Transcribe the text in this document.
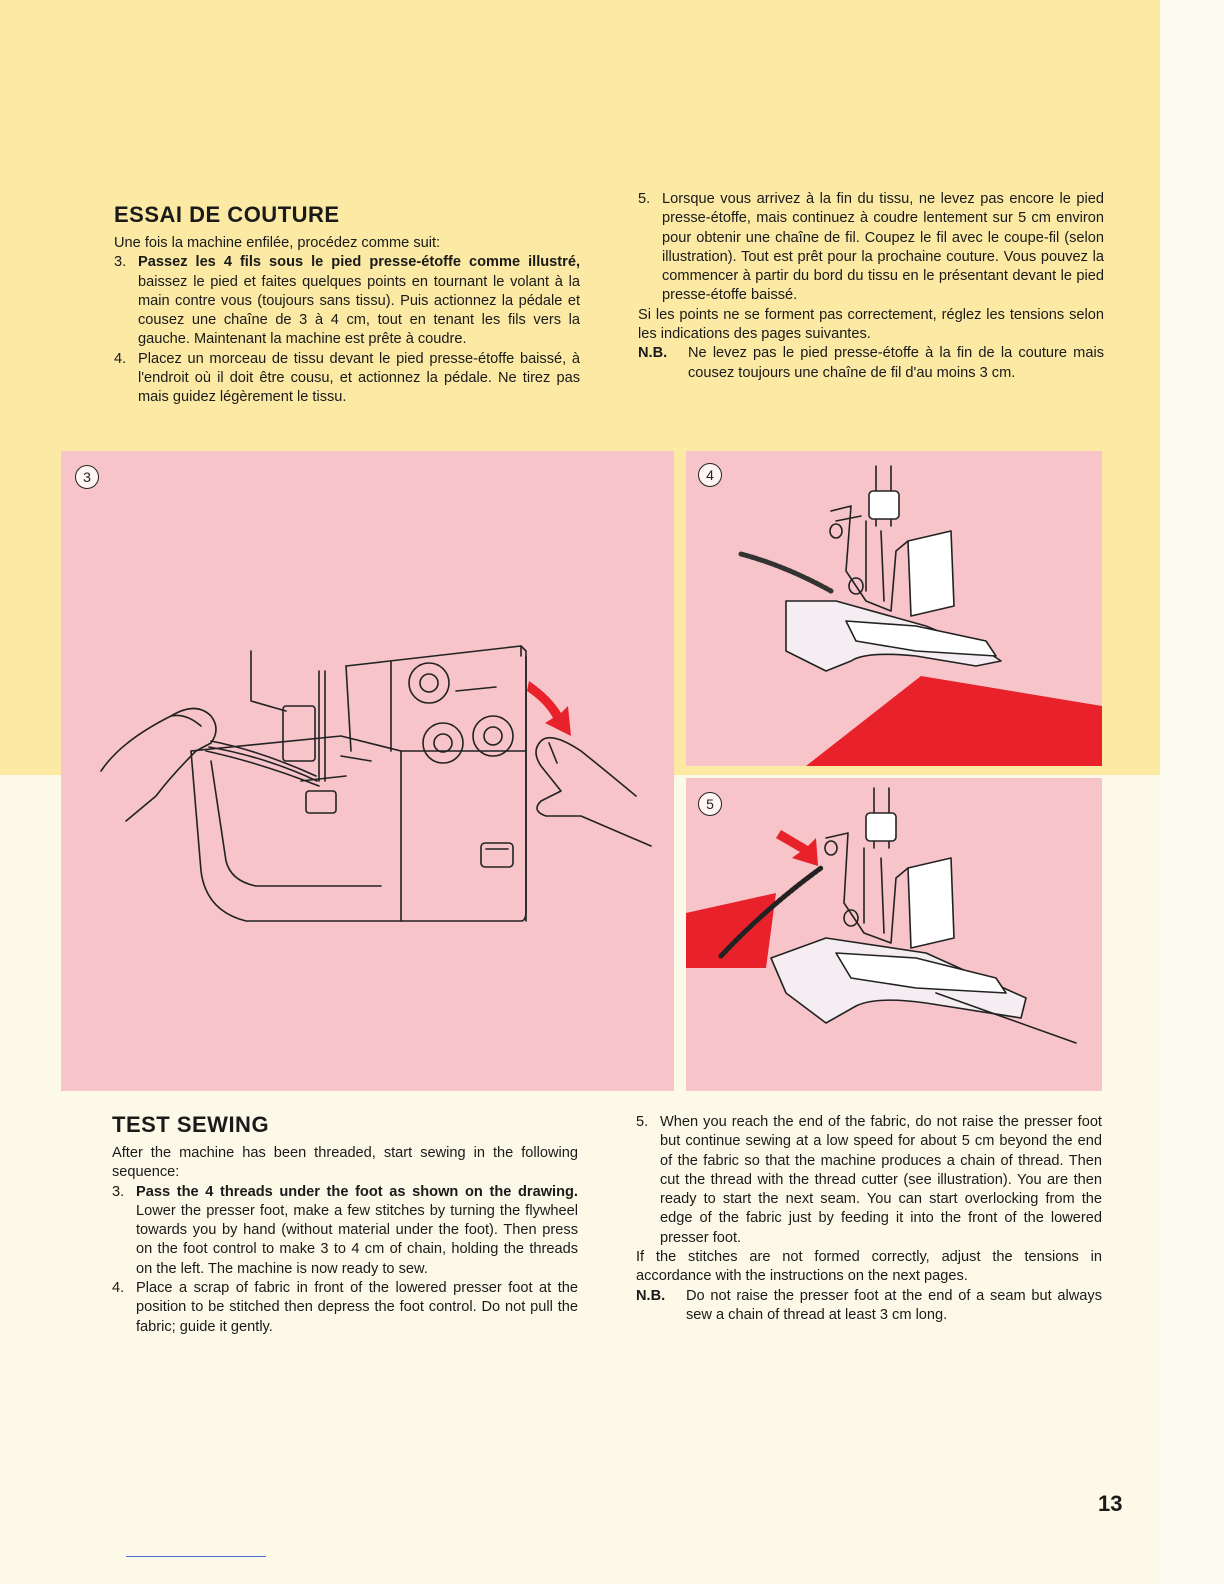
ESSAI DE COUTURE

Une fois la machine enfilée, procédez comme suit:

3. Passez les 4 fils sous le pied presse-étoffe comme illustré, baissez le pied et faites quelques points en tournant le volant à la main contre vous (toujours sans tissu). Puis actionnez la pédale et cousez une chaîne de 3 à 4 cm, tout en tenant les fils vers la gauche. Maintenant la machine est prête à coudre.
4. Placez un morceau de tissu devant le pied presse-étoffe baissé, à l'endroit où il doit être cousu, et actionnez la pédale. Ne tirez pas mais guidez légèrement le tissu.
5. Lorsque vous arrivez à la fin du tissu, ne levez pas encore le pied presse-étoffe, mais continuez à coudre lentement sur 5 cm environ pour obtenir une chaîne de fil. Coupez le fil avec le coupe-fil (selon illustration). Tout est prêt pour la prochaine couture. Vous pouvez la commencer à partir du bord du tissu en le présentant devant le pied presse-étoffe baissé.

Si les points ne se forment pas correctement, réglez les tensions selon les indications des pages suivantes.

N.B.	Ne levez pas le pied presse-étoffe à la fin de la couture mais cousez toujours une chaîne de fil d'au moins 3 cm.
3	4
5
TEST SEWING

After the machine has been threaded, start sewing in the following sequence:

3. Pass the 4 threads under the foot as shown on the drawing. Lower the presser foot, make a few stitches by turning the flywheel towards you by hand (without material under the foot). Then press on the foot control to make 3 to 4 cm of chain, holding the threads on the left. The machine is now ready to sew.
4. Place a scrap of fabric in front of the lowered presser foot at the position to be stitched then depress the foot control. Do not pull the fabric; guide it gently.
5. When you reach the end of the fabric, do not raise the presser foot but continue sewing at a low speed for about 5 cm beyond the end of the fabric so that the machine produces a chain of thread. Then cut the thread with the thread cutter (see illustration). You are then ready to start the next seam. You can start overlocking from the edge of the fabric just by feeding it into the front of the lowered presser foot.

If the stitches are not formed correctly, adjust the tensions in accordance with the instructions on the next pages.

N.B.	Do not raise the presser foot at the end of a seam but always sew a chain of thread at least 3 cm long.
13
